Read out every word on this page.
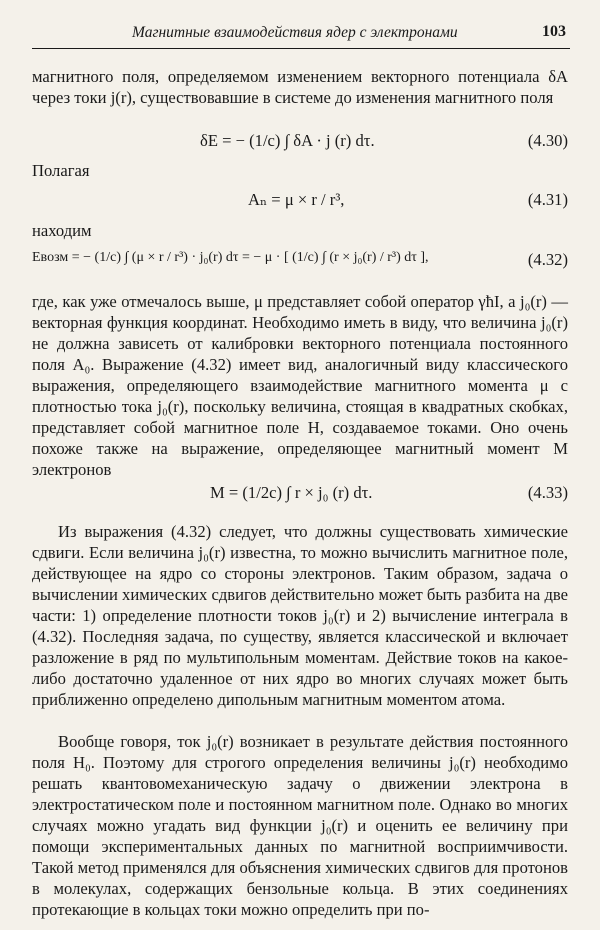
Магнитные взаимодействия ядер с электронами	103

магнитного поля, определяемом изменением векторного потенциала δA через токи j(r), существовавшие в системе до изменения магнитного поля

δE = − (1/c) ∫ δA · j (r) dτ.	(4.30)
Полагая
Aₙ = μ × r / r³,	(4.31)
находим
Eвозм = − (1/c) ∫ (μ × r / r³) · j₀(r) dτ = − μ · [ (1/c) ∫ (r × j₀(r) / r³) dτ ],	(4.32)

где, как уже отмечалось выше, μ представляет собой оператор γħI, a j₀(r) — векторная функция координат. Необходимо иметь в виду, что величина j₀(r) не должна зависеть от калибровки векторного потенциала постоянного поля A₀. Выражение (4.32) имеет вид, аналогичный виду классического выражения, определяющего взаимодействие магнитного момента μ с плотностью тока j₀(r), поскольку величина, стоящая в квадратных скобках, представляет собой магнитное поле H, создаваемое токами. Оно очень похоже также на выражение, определяющее магнитный момент M электронов

M = (1/2c) ∫ r × j₀ (r) dτ.	(4.33)

Из выражения (4.32) следует, что должны существовать химические сдвиги. Если величина j₀(r) известна, то можно вычислить магнитное поле, действующее на ядро со стороны электронов. Таким образом, задача о вычислении химических сдвигов действительно может быть разбита на две части: 1) определение плотности токов j₀(r) и 2) вычисление интеграла в (4.32). Последняя задача, по существу, является классической и включает разложение в ряд по мультипольным моментам. Действие токов на какое-либо достаточно удаленное от них ядро во многих случаях может быть приближенно определено дипольным магнитным моментом атома.

Вообще говоря, ток j₀(r) возникает в результате действия постоянного поля H₀. Поэтому для строгого определения величины j₀(r) необходимо решать квантовомеханическую задачу о движении электрона в электростатическом поле и постоянном магнитном поле. Однако во многих случаях можно угадать вид функции j₀(r) и оценить ее величину при помощи экспериментальных данных по магнитной восприимчивости. Такой метод применялся для объяснения химических сдвигов для протонов в молекулах, содержащих бензольные кольца. В этих соединениях протекающие в кольцах токи можно определить при по-
